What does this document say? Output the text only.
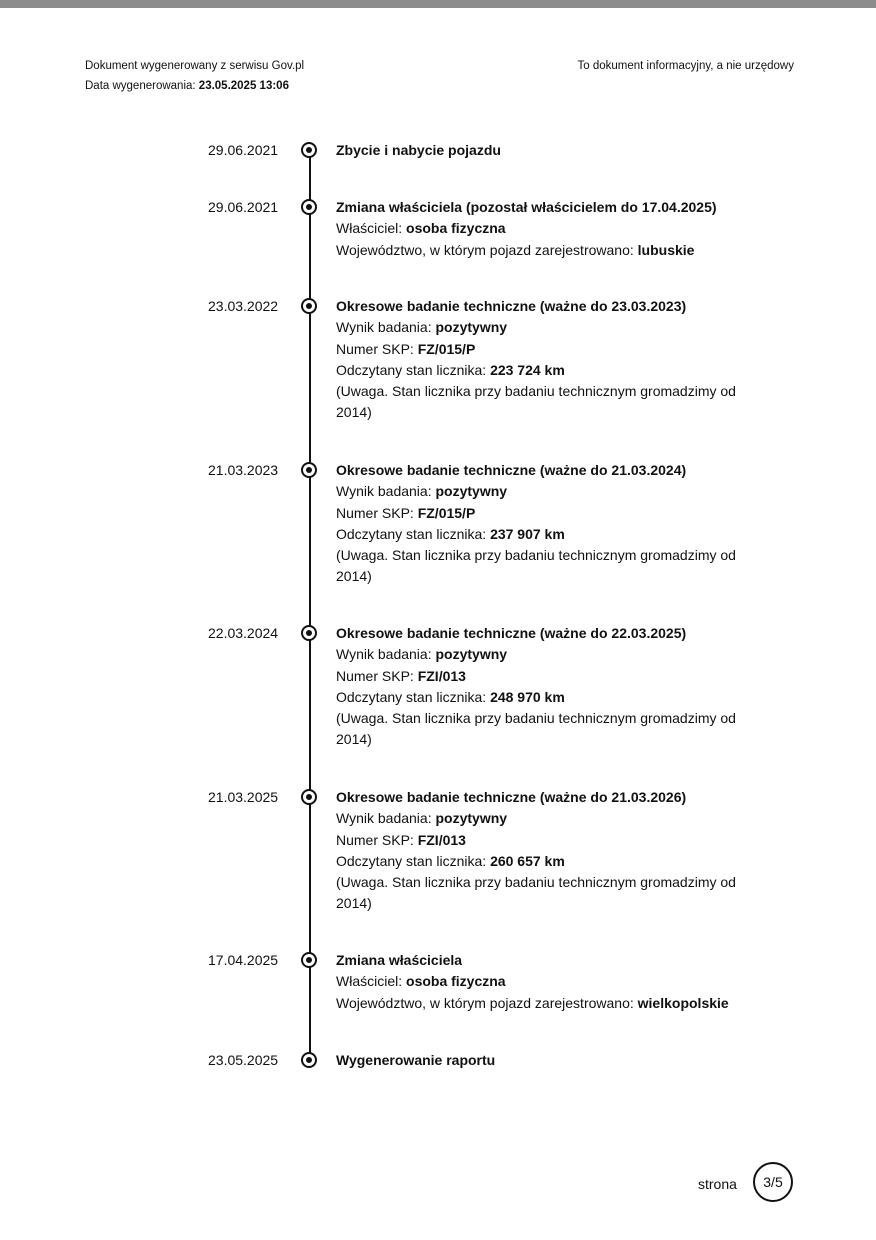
Dokument wygenerowany z serwisu Gov.pl
Data wygenerowania: 23.05.2025 13:06
To dokument informacyjny, a nie urzędowy
29.06.2021	Zbycie i nabycie pojazdu
29.06.2021	Zmiana właściciela (pozostał właścicielem do 17.04.2025)
Właściciel: osoba fizyczna
Województwo, w którym pojazd zarejestrowano: lubuskie
23.03.2022	Okresowe badanie techniczne (ważne do 23.03.2023)
Wynik badania: pozytywny
Numer SKP: FZ/015/P
Odczytany stan licznika: 223 724 km
(Uwaga. Stan licznika przy badaniu technicznym gromadzimy od 2014)
21.03.2023	Okresowe badanie techniczne (ważne do 21.03.2024)
Wynik badania: pozytywny
Numer SKP: FZ/015/P
Odczytany stan licznika: 237 907 km
(Uwaga. Stan licznika przy badaniu technicznym gromadzimy od 2014)
22.03.2024	Okresowe badanie techniczne (ważne do 22.03.2025)
Wynik badania: pozytywny
Numer SKP: FZI/013
Odczytany stan licznika: 248 970 km
(Uwaga. Stan licznika przy badaniu technicznym gromadzimy od 2014)
21.03.2025	Okresowe badanie techniczne (ważne do 21.03.2026)
Wynik badania: pozytywny
Numer SKP: FZI/013
Odczytany stan licznika: 260 657 km
(Uwaga. Stan licznika przy badaniu technicznym gromadzimy od 2014)
17.04.2025	Zmiana właściciela
Właściciel: osoba fizyczna
Województwo, w którym pojazd zarejestrowano: wielkopolskie
23.05.2025	Wygenerowanie raportu
strona	3/5
